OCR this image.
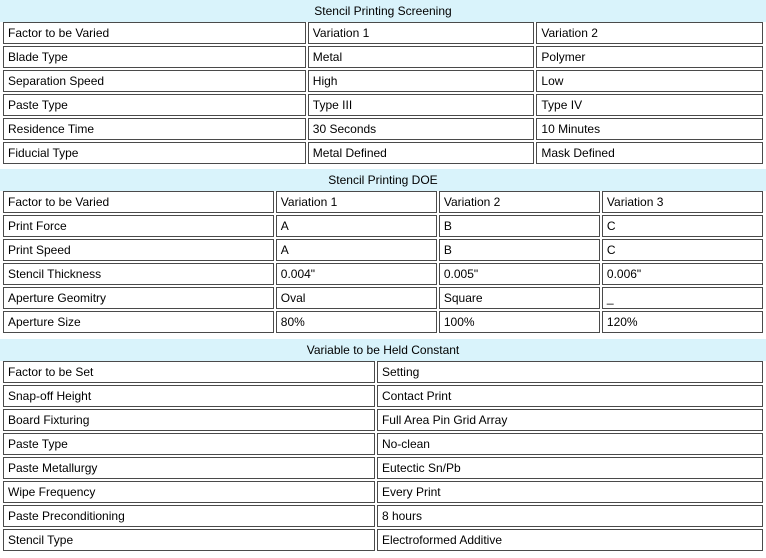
Stencil Printing Screening
Factor to be Varied	Variation 1	Variation 2
Blade Type	Metal	Polymer
Separation Speed	High	Low
Paste Type	Type III	Type IV
Residence Time	30 Seconds	10 Minutes
Fiducial Type	Metal Defined	Mask Defined
Stencil Printing DOE
Factor to be Varied	Variation 1	Variation 2	Variation 3
Print Force	A	B	C
Print Speed	A	B	C
Stencil Thickness	0.004"	0.005"	0.006"
Aperture Geomitry	Oval	Square	_
Aperture Size	80%	100%	120%
Variable to be Held Constant
Factor to be Set	Setting
Snap-off Height	Contact Print
Board Fixturing	Full Area Pin Grid Array
Paste Type	No-clean
Paste Metallurgy	Eutectic Sn/Pb
Wipe Frequency	Every Print
Paste Preconditioning	8 hours
Stencil Type	Electroformed Additive
